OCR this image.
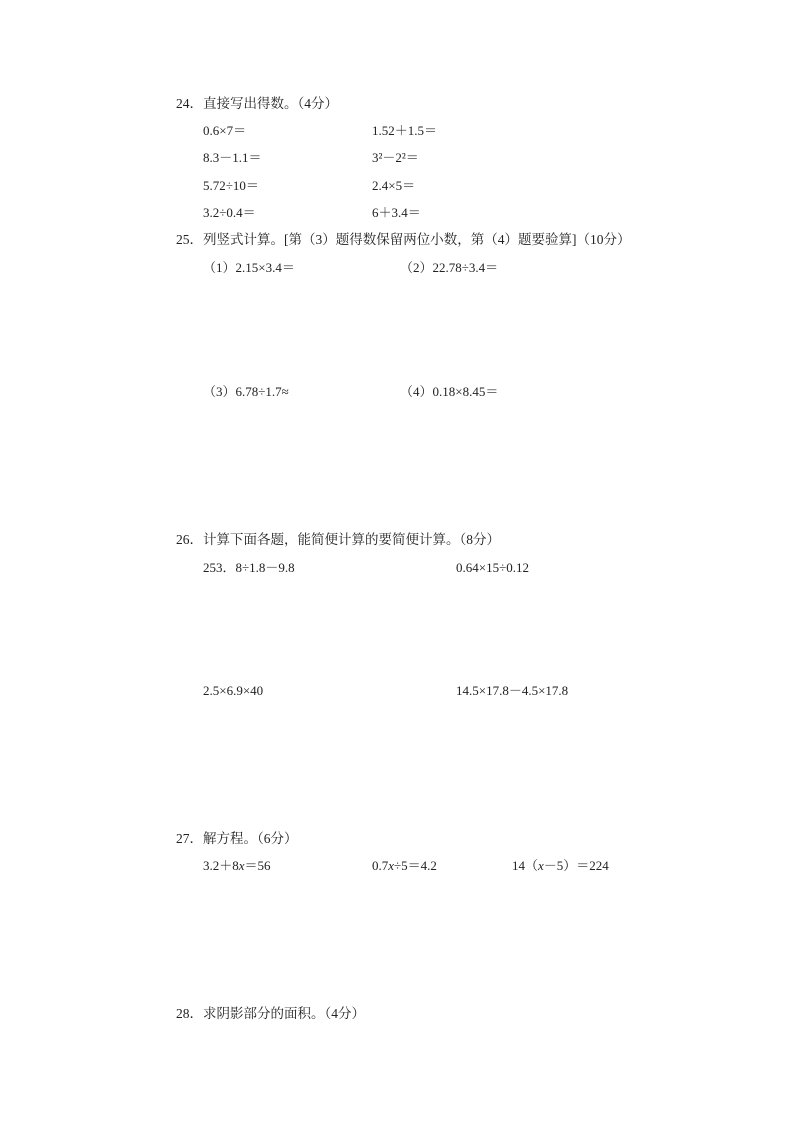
24．直接写出得数。（4分）
0.6×7＝	1.52＋1.5＝
8.3－1.1＝	3²－2²＝
5.72÷10＝	2.4×5＝
3.2÷0.4＝	6＋3.4＝
25．列竖式计算。[第（3）题得数保留两位小数，第（4）题要验算]（10分）
（1）2.15×3.4＝	（2）22.78÷3.4＝
（3）6.78÷1.7≈	（4）0.18×8.45＝
26．计算下面各题，能简便计算的要简便计算。（8分）
253．8÷1.8－9.8	0.64×15÷0.12
2.5×6.9×40	14.5×17.8－4.5×17.8
27．解方程。（6分）
3.2＋8x＝56	0.7x÷5＝4.2	14（x－5）＝224
28．求阴影部分的面积。（4分）
